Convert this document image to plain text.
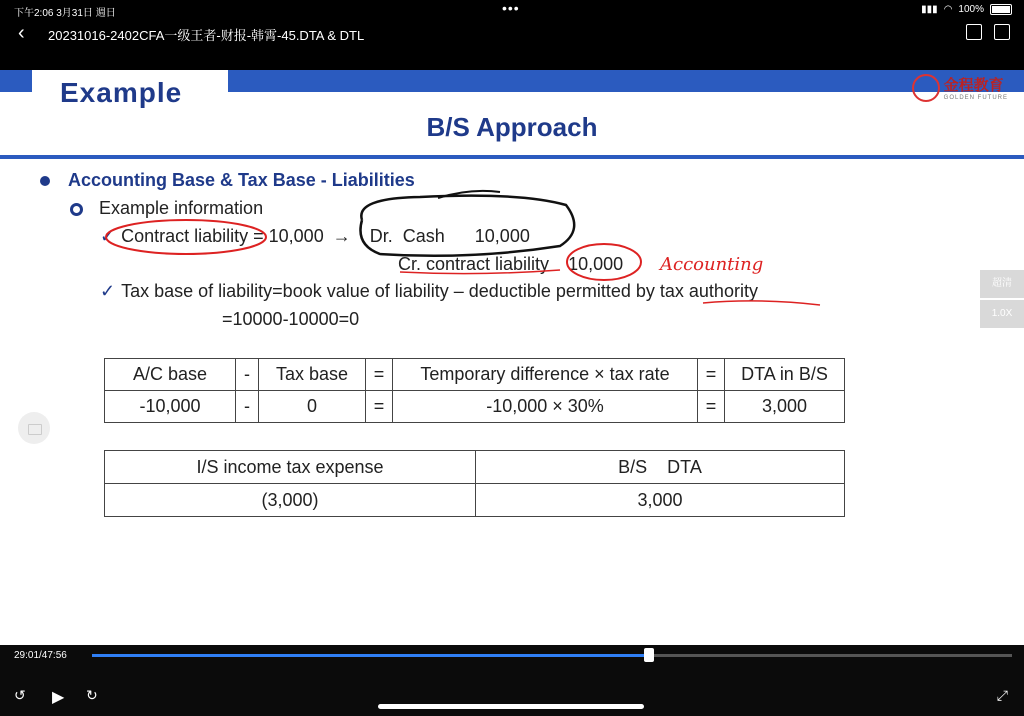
下午2:06 3月31日 週日	•••	▮▮▮ ◠ 100%
‹ 20231016-2402CFA一级王者-财报-韩霄-45.DTA & DTL
Example	金程教育
GOLDEN FUTURE
B/S Approach
Accounting Base & Tax Base - Liabilities
Example information
✓ Contract liability = 10,000 → Dr.  Cash      10,000
Cr. contract liability 10,000
✓ Tax base of liability=book value of liability – deductible permitted by tax authority
=10000-10000=0
A/C base	-	Tax base	=	Temporary difference × tax rate	=	DTA in B/S
-10,000	-	0	=	-10,000 × 30%	=	3,000
I/S income tax expense	B/S    DTA
(3,000)	3,000
Accounting
超清
1.0X
29:01/47:56
↺ ▶ ↻	⤢
